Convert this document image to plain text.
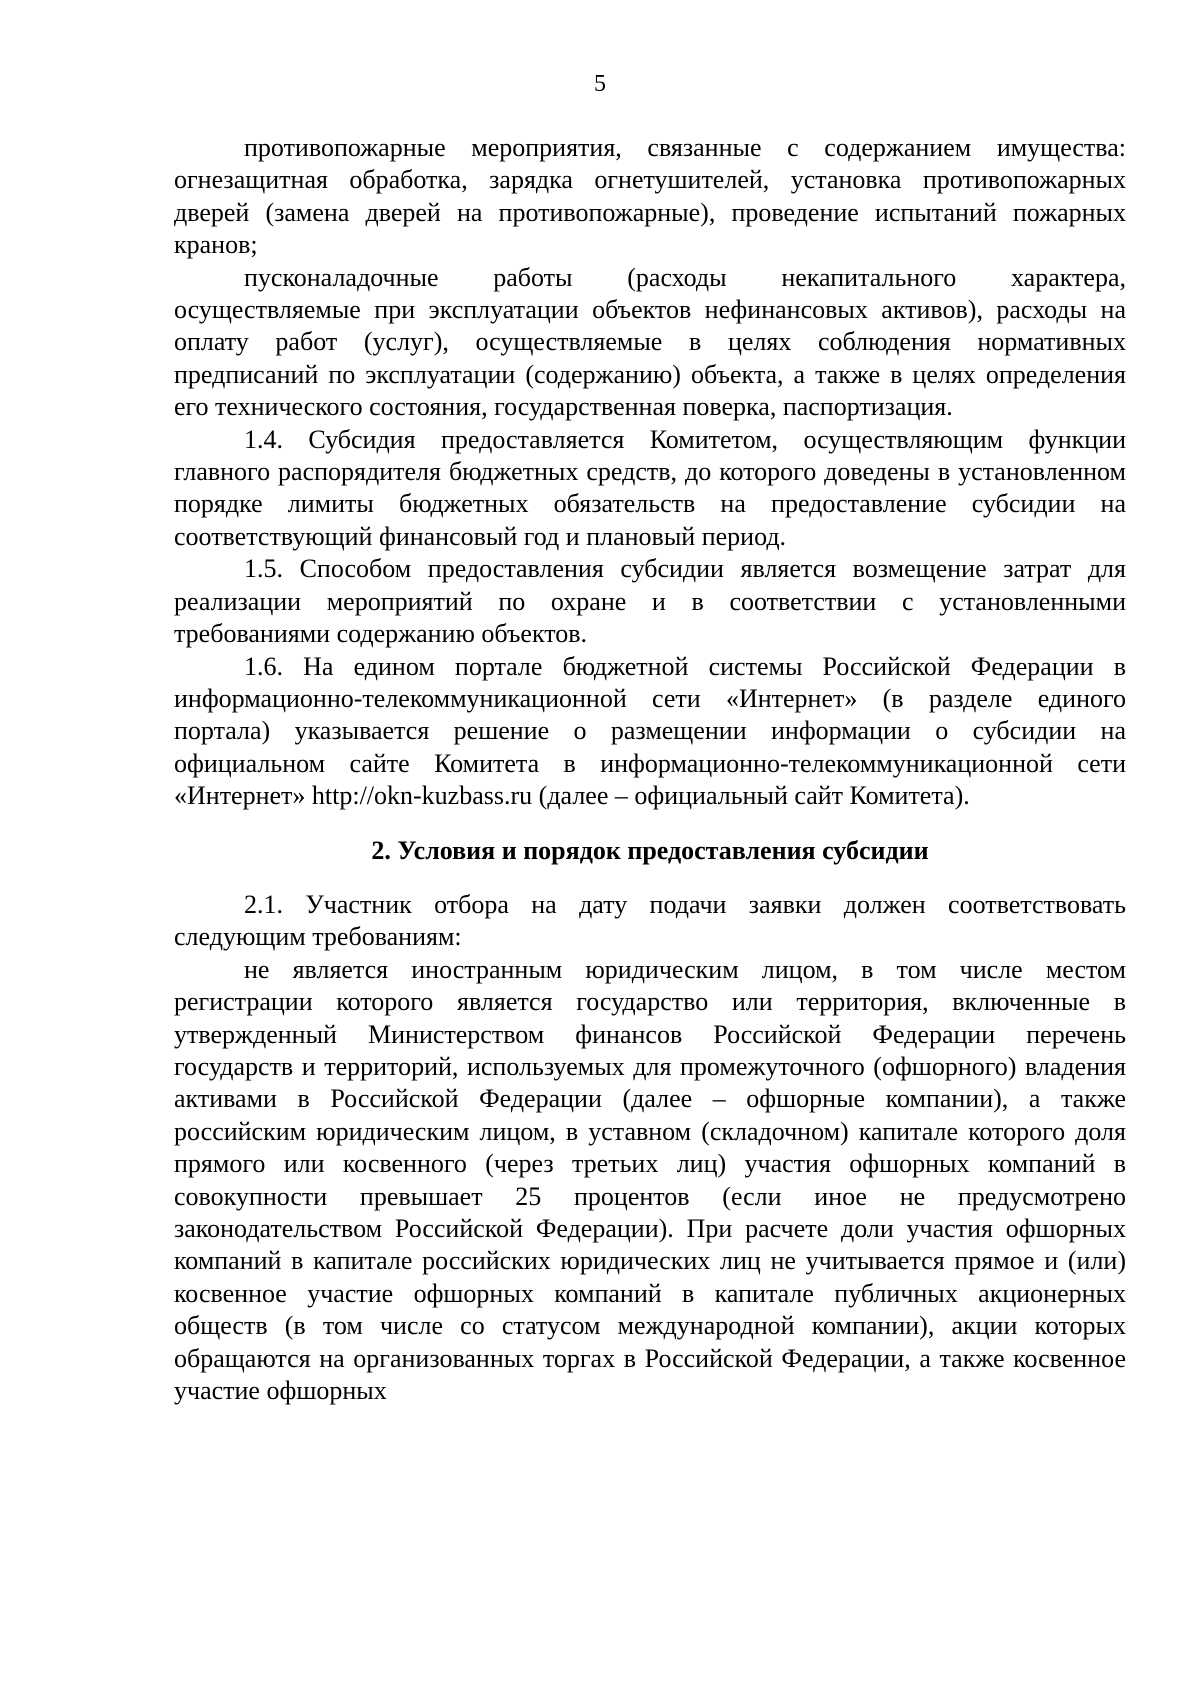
5

противопожарные мероприятия, связанные с содержанием имущества: огнезащитная обработка, зарядка огнетушителей, установка противопожарных дверей (замена дверей на противопожарные), проведение испытаний пожарных кранов;

пусконаладочные работы (расходы некапитального характера, осуществляемые при эксплуатации объектов нефинансовых активов), расходы на оплату работ (услуг), осуществляемые в целях соблюдения нормативных предписаний по эксплуатации (содержанию) объекта, а также в целях определения его технического состояния, государственная поверка, паспортизация.

1.4. Субсидия предоставляется Комитетом, осуществляющим функции главного распорядителя бюджетных средств, до которого доведены в установленном порядке лимиты бюджетных обязательств на предоставление субсидии на соответствующий финансовый год и плановый период.

1.5. Способом предоставления субсидии является возмещение затрат для реализации мероприятий по охране и в соответствии с установленными требованиями содержанию объектов.

1.6. На едином портале бюджетной системы Российской Федерации в информационно-телекоммуникационной сети «Интернет» (в разделе единого портала) указывается решение о размещении информации о субсидии на официальном сайте Комитета в информационно-телекоммуникационной сети «Интернет» http://okn-kuzbass.ru (далее – официальный сайт Комитета).

2. Условия и порядок предоставления субсидии

2.1. Участник отбора на дату подачи заявки должен соответствовать следующим требованиям:

не является иностранным юридическим лицом, в том числе местом регистрации которого является государство или территория, включенные в утвержденный Министерством финансов Российской Федерации перечень государств и территорий, используемых для промежуточного (офшорного) владения активами в Российской Федерации (далее – офшорные компании), а также российским юридическим лицом, в уставном (складочном) капитале которого доля прямого или косвенного (через третьих лиц) участия офшорных компаний в совокупности превышает 25 процентов (если иное не предусмотрено законодательством Российской Федерации). При расчете доли участия офшорных компаний в капитале российских юридических лиц не учитывается прямое и (или) косвенное участие офшорных компаний в капитале публичных акционерных обществ (в том числе со статусом международной компании), акции которых обращаются на организованных торгах в Российской Федерации, а также косвенное участие офшорных
